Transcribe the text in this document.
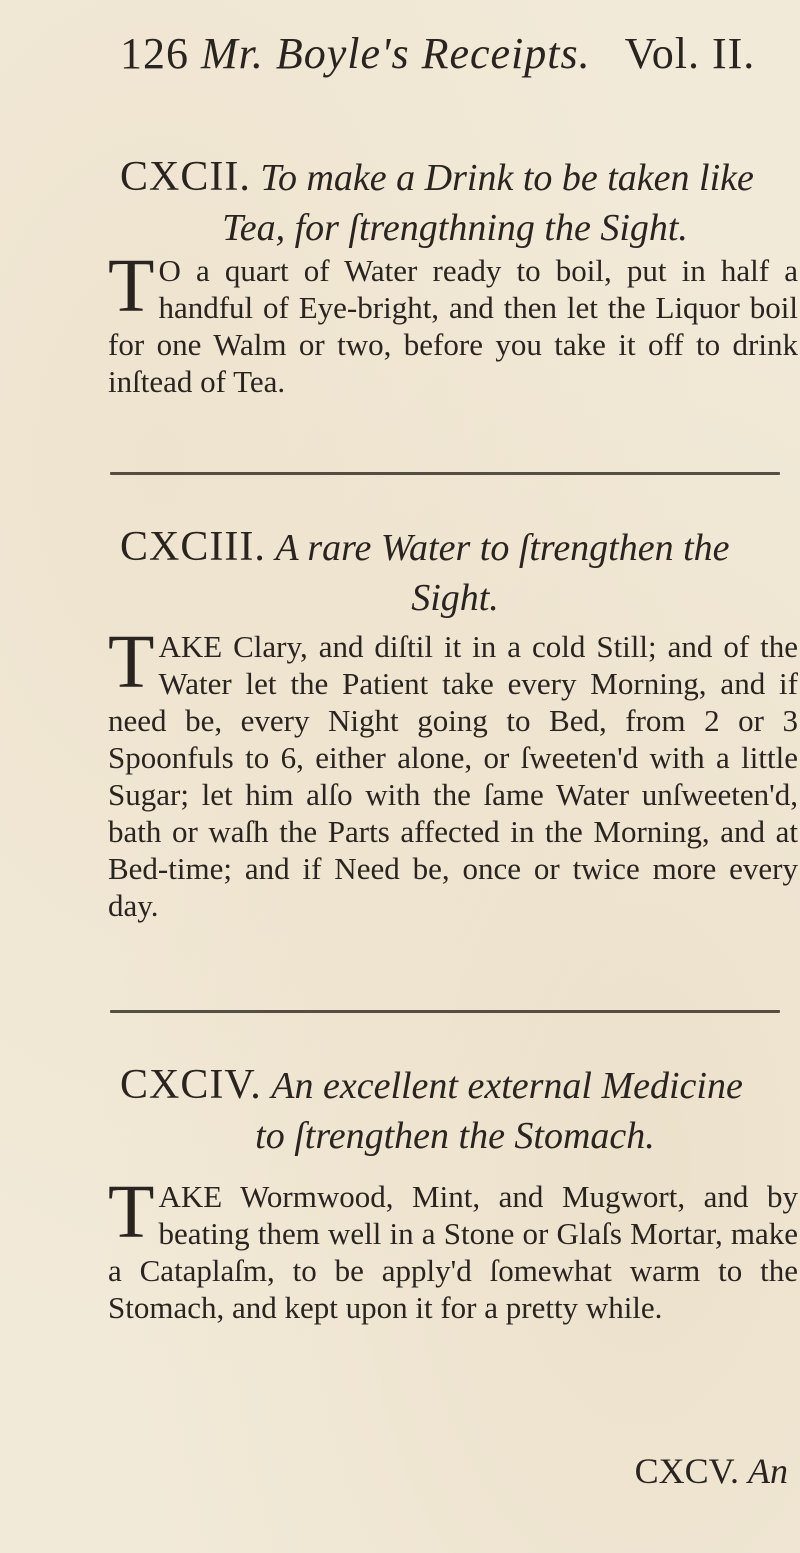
126 Mr. Boyle's Receipts. Vol. II.
CXCII. To make a Drink to be taken like
Tea, for ſtrengthning the Sight.

T O a quart of Water ready to boil, put in half a handful of Eye-bright, and then let the Liquor boil for one Walm or two, before you take it off to drink inſtead of Tea.

CXCIII. A rare Water to ſtrengthen the
Sight.

TAKE Clary, and diſtil it in a cold Still; and of the Water let the Patient take every Morning, and if need be, every Night going to Bed, from 2 or 3 Spoonfuls to 6, either alone, or ſweeten'd with a little Sugar; let him alſo with the ſame Water unſweeten'd, bath or waſh the Parts affected in the Morning, and at Bed-time; and if Need be, once or twice more every day.

CXCIV. An excellent external Medicine
to ſtrengthen the Stomach.

TAKE Wormwood, Mint, and Mugwort, and by beating them well in a Stone or Glaſs Mortar, make a Cataplaſm, to be apply'd ſomewhat warm to the Stomach, and kept upon it for a pretty while.

CXCV. An
